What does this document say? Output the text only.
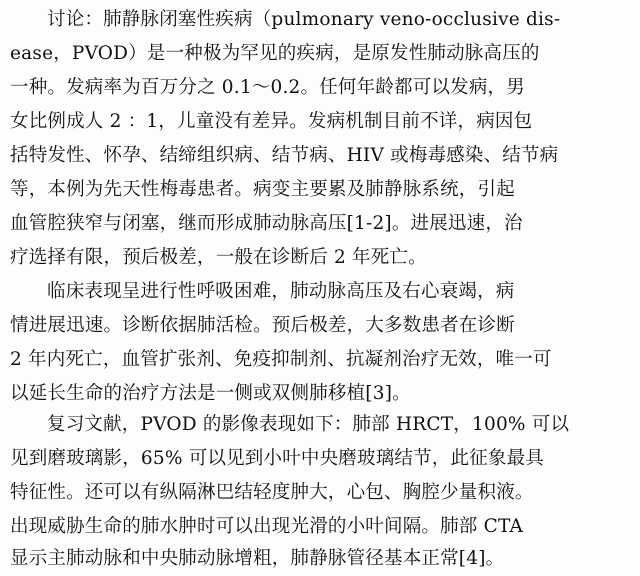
讨论：肺静脉闭塞性疾病（pulmonary veno-occlusive dis-
ease，PVOD）是一种极为罕见的疾病，是原发性肺动脉高压的
一种。发病率为百万分之 0.1～0.2。任何年龄都可以发病，男
女比例成人 2 ：1，儿童没有差异。发病机制目前不详，病因包
括特发性、怀孕、结缔组织病、结节病、HIV 或梅毒感染、结节病
等，本例为先天性梅毒患者。病变主要累及肺静脉系统，引起
血管腔狭窄与闭塞，继而形成肺动脉高压[1-2]。进展迅速，治
疗选择有限，预后极差，一般在诊断后 2 年死亡。
临床表现呈进行性呼吸困难，肺动脉高压及右心衰竭，病
情进展迅速。诊断依据肺活检。预后极差，大多数患者在诊断
2 年内死亡，血管扩张剂、免疫抑制剂、抗凝剂治疗无效，唯一可
以延长生命的治疗方法是一侧或双侧肺移植[3]。
复习文献，PVOD 的影像表现如下：肺部 HRCT，100% 可以
见到磨玻璃影，65% 可以见到小叶中央磨玻璃结节，此征象最具
特征性。还可以有纵隔淋巴结轻度肿大，心包、胸腔少量积液。
出现威胁生命的肺水肿时可以出现光滑的小叶间隔。肺部 CTA
显示主肺动脉和中央肺动脉增粗，肺静脉管径基本正常[4]。
